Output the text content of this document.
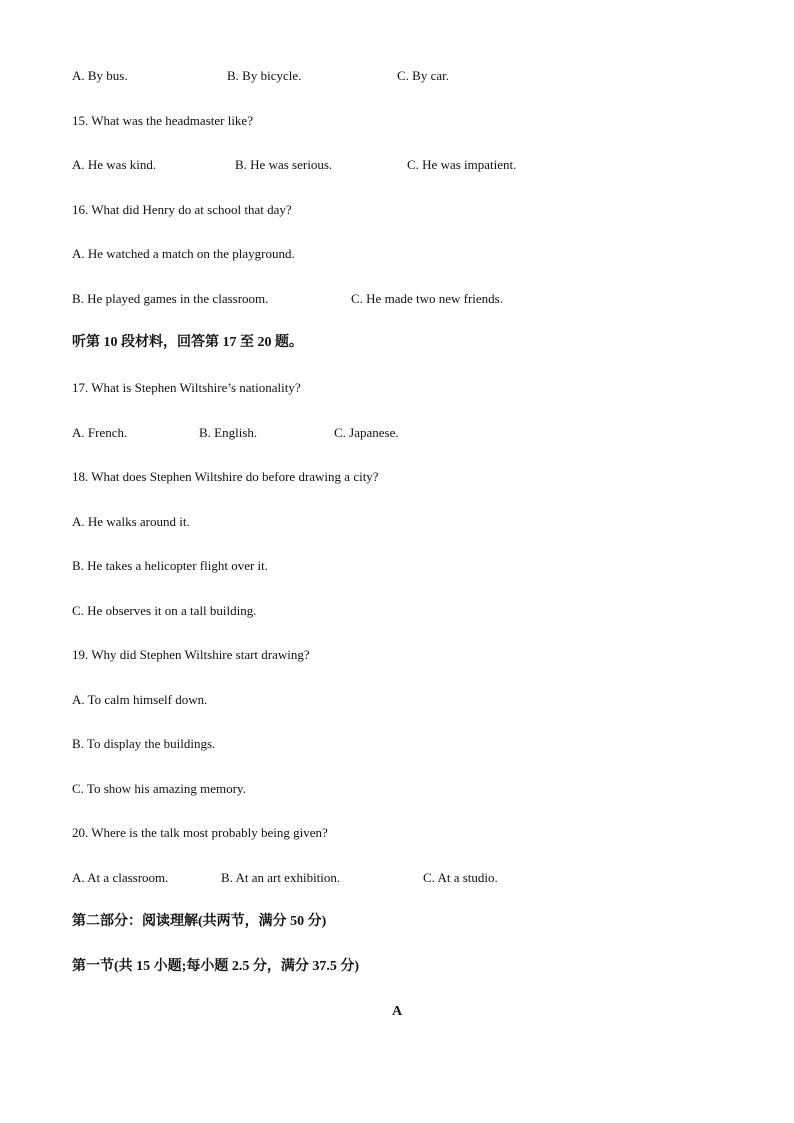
A. By bus.	B. By bicycle.	C. By car.
15. What was the headmaster like?
A. He was kind.	B. He was serious.	C. He was impatient.
16. What did Henry do at school that day?
A. He watched a match on the playground.
B. He played games in the classroom.	C. He made two new friends.
听第 10 段材料，回答第 17 至 20 题。
17. What is Stephen Wiltshire’s nationality?
A. French.	B. English.	C. Japanese.
18. What does Stephen Wiltshire do before drawing a city?
A. He walks around it.
B. He takes a helicopter flight over it.
C. He observes it on a tall building.
19. Why did Stephen Wiltshire start drawing?
A. To calm himself down.
B. To display the buildings.
C. To show his amazing memory.
20. Where is the talk most probably being given?
A. At a classroom.	B. At an art exhibition.	C. At a studio.
第二部分：阅读理解(共两节，满分 50 分)
第一节(共 15 小题;每小题 2.5 分，满分 37.5 分)
A
